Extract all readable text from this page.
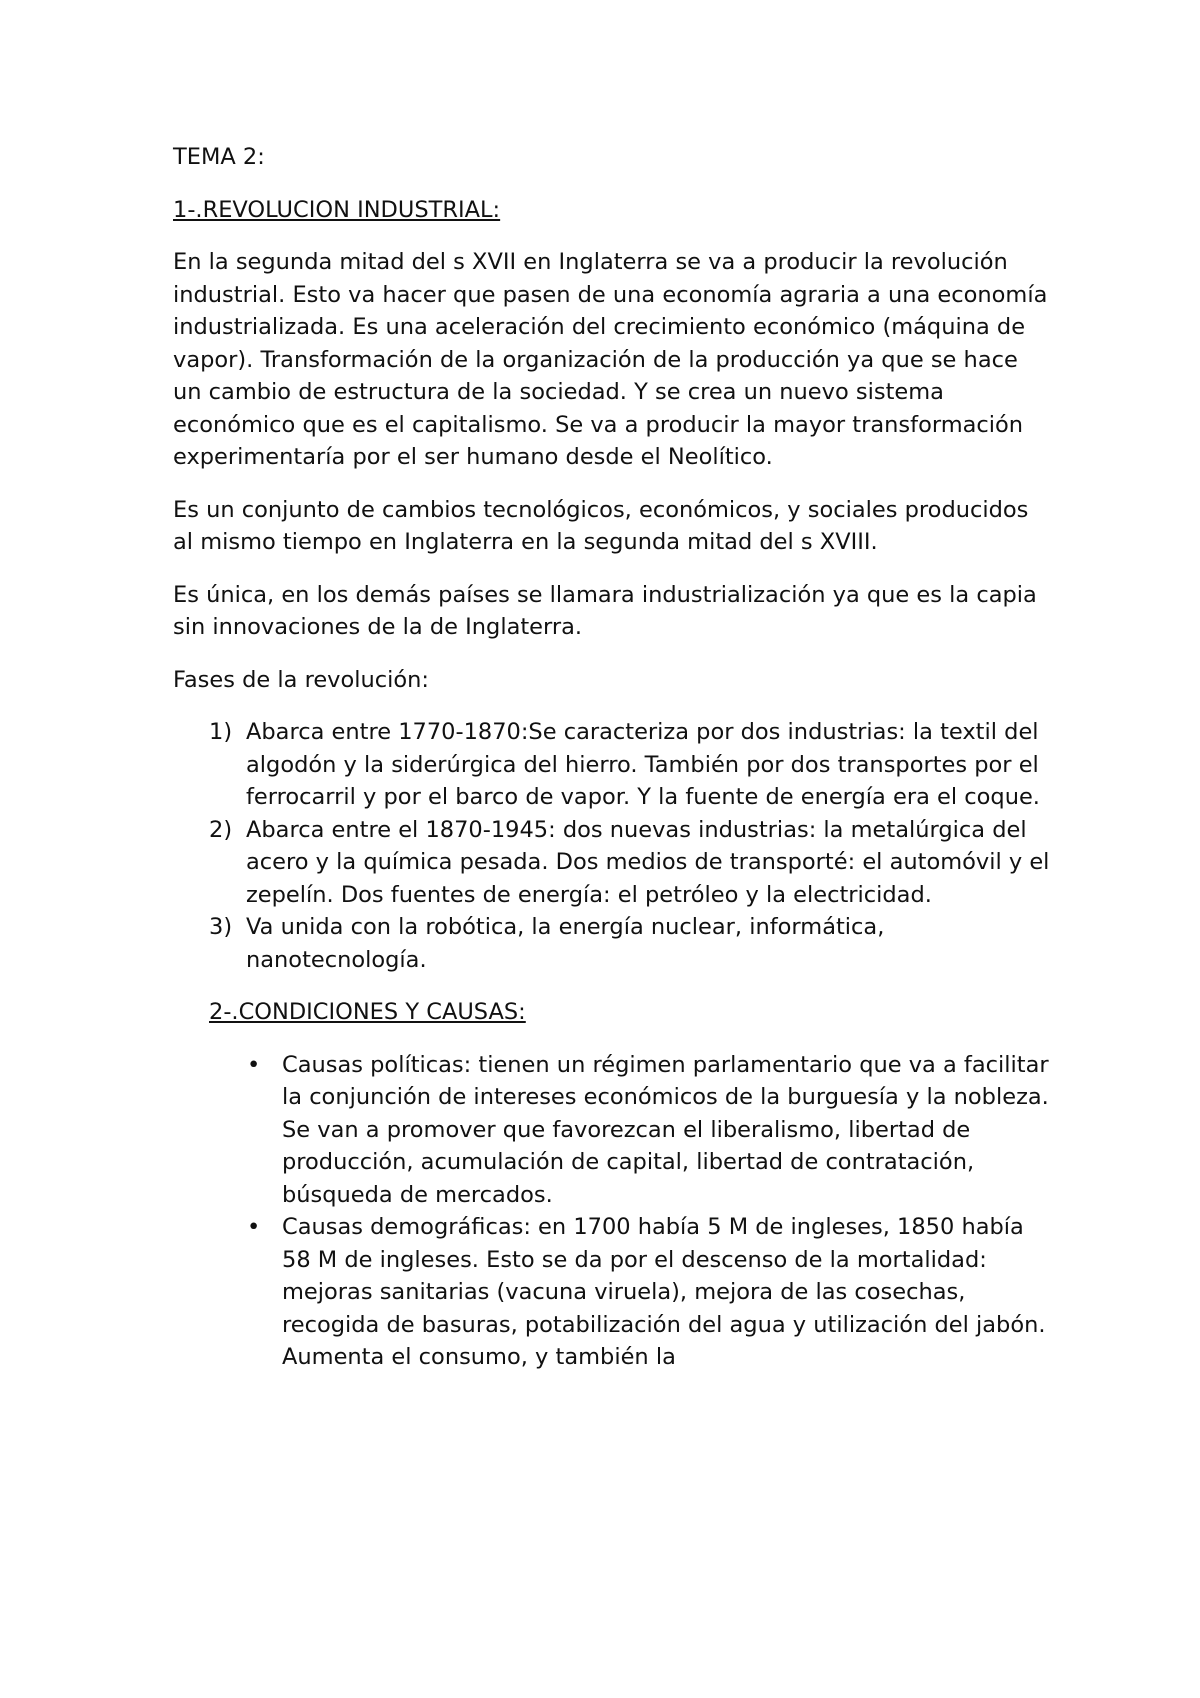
TEMA 2:

1-.REVOLUCION INDUSTRIAL:

En la segunda mitad del s XVII en Inglaterra se va a producir la revolución industrial. Esto va hacer que pasen de una economía agraria a una economía industrializada. Es una aceleración del crecimiento económico (máquina de vapor). Transformación de la organización de la producción ya que se hace un cambio de estructura de la sociedad. Y se crea un nuevo sistema económico que es el capitalismo. Se va a producir la mayor transformación experimentaría por el ser humano desde el Neolítico.

Es un conjunto de cambios tecnológicos, económicos, y sociales producidos al mismo tiempo en Inglaterra en la segunda mitad del s XVIII.

Es única, en los demás países se llamara industrialización ya que es la capia sin innovaciones de la de Inglaterra.

Fases de la revolución:

1) Abarca entre 1770-1870:Se caracteriza por dos industrias: la textil del algodón y la siderúrgica del hierro. También por dos transportes por el ferrocarril y por el barco de vapor. Y la fuente de energía era el coque.
2) Abarca entre el 1870-1945: dos nuevas industrias: la metalúrgica del acero y la química pesada. Dos medios de transporté: el automóvil y el zepelín. Dos fuentes de energía: el petróleo y la electricidad.
3) Va unida con la robótica, la energía nuclear, informática, nanotecnología.

2-.CONDICIONES Y CAUSAS:

• Causas políticas: tienen un régimen parlamentario que va a facilitar la conjunción de intereses económicos de la burguesía y la nobleza. Se van a promover que favorezcan el liberalismo, libertad de producción, acumulación de capital, libertad de contratación, búsqueda de mercados.
• Causas demográficas: en 1700 había 5 M de ingleses, 1850 había 58 M de ingleses. Esto se da por el descenso de la mortalidad: mejoras sanitarias (vacuna viruela), mejora de las cosechas, recogida de basuras, potabilización del agua y utilización del jabón. Aumenta el consumo, y también la
